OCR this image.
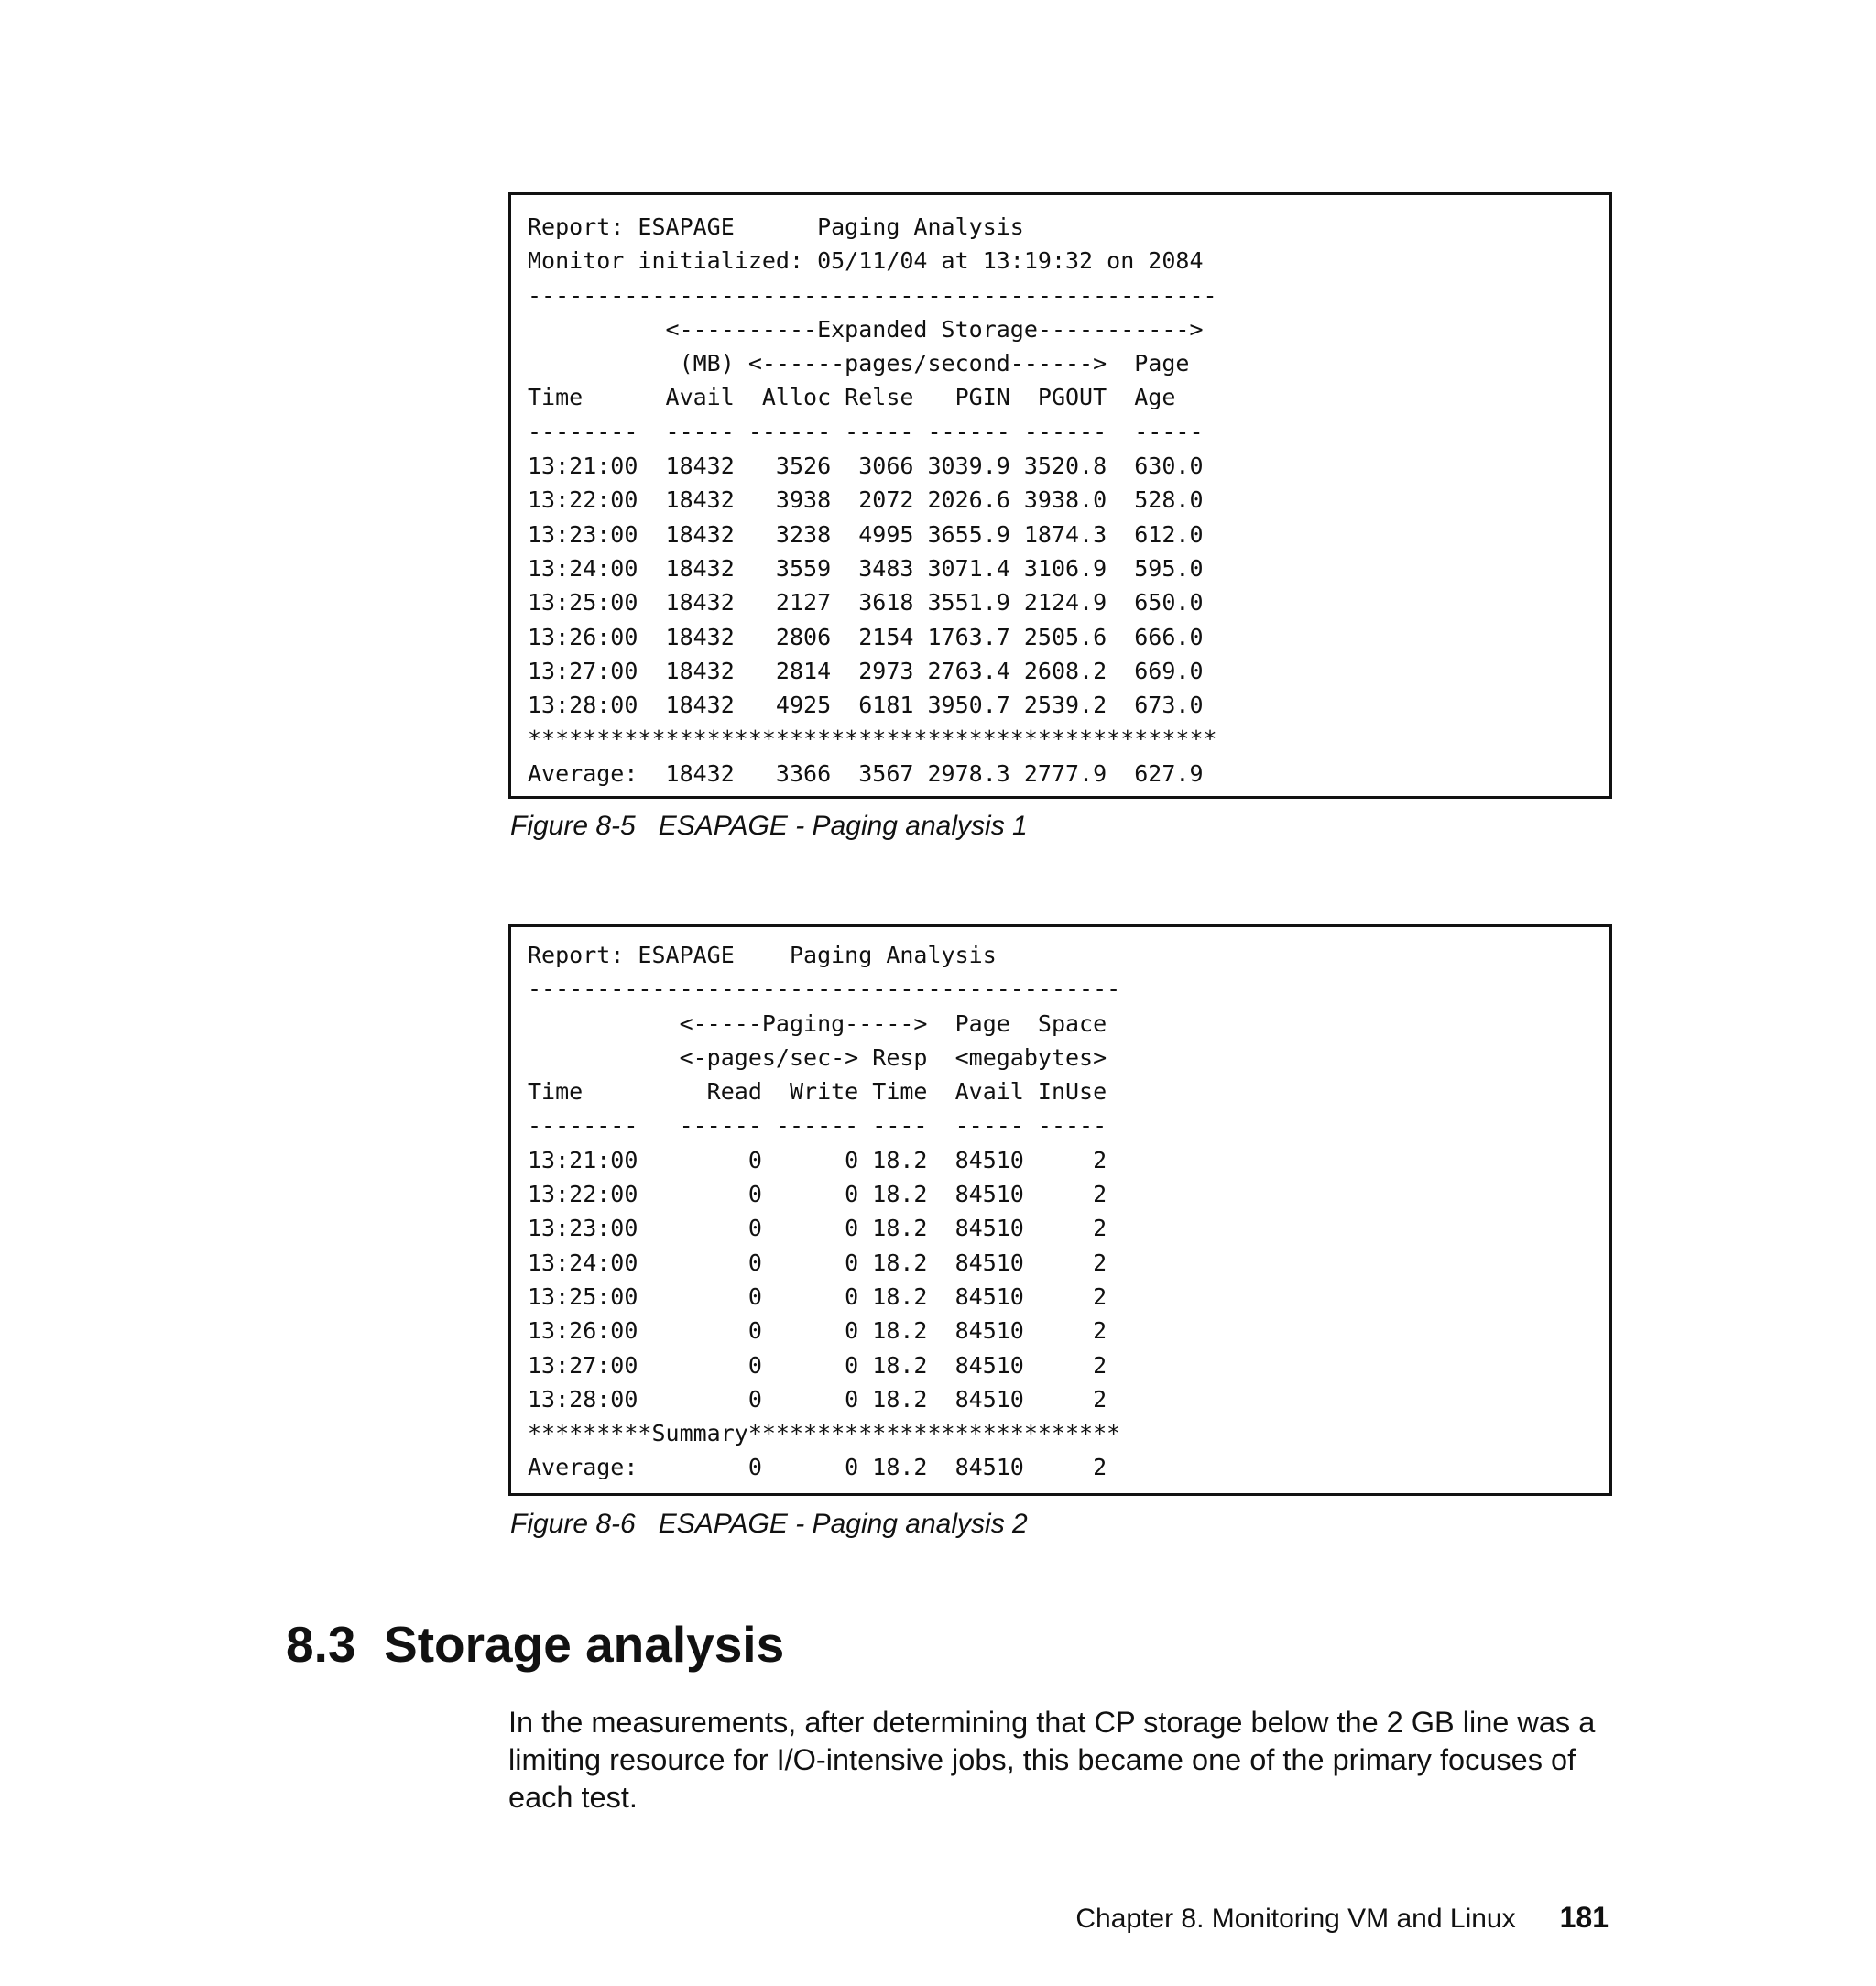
Report: ESAPAGE      Paging Analysis
Monitor initialized: 05/11/04 at 13:19:32 on 2084
--------------------------------------------------
<----------Expanded Storage----------->
(MB) <------pages/second------>  Page
Time      Avail  Alloc Relse   PGIN  PGOUT  Age
--------  ----- ------ ----- ------ ------  -----
13:21:00  18432   3526  3066 3039.9 3520.8  630.0
13:22:00  18432   3938  2072 2026.6 3938.0  528.0
13:23:00  18432   3238  4995 3655.9 1874.3  612.0
13:24:00  18432   3559  3483 3071.4 3106.9  595.0
13:25:00  18432   2127  3618 3551.9 2124.9  650.0
13:26:00  18432   2806  2154 1763.7 2505.6  666.0
13:27:00  18432   2814  2973 2763.4 2608.2  669.0
13:28:00  18432   4925  6181 3950.7 2539.2  673.0
**************************************************
Average:  18432   3366  3567 2978.3 2777.9  627.9
Figure 8-5   ESAPAGE - Paging analysis 1
Report: ESAPAGE    Paging Analysis
-------------------------------------------
<-----Paging----->  Page  Space
<-pages/sec-> Resp  <megabytes>
Time         Read  Write Time  Avail InUse
--------   ------ ------ ----  ----- -----
13:21:00        0      0 18.2  84510     2
13:22:00        0      0 18.2  84510     2
13:23:00        0      0 18.2  84510     2
13:24:00        0      0 18.2  84510     2
13:25:00        0      0 18.2  84510     2
13:26:00        0      0 18.2  84510     2
13:27:00        0      0 18.2  84510     2
13:28:00        0      0 18.2  84510     2
*********Summary***************************
Average:        0      0 18.2  84510     2
Figure 8-6   ESAPAGE - Paging analysis 2
8.3  Storage analysis

In the measurements, after determining that CP storage below the 2 GB line was a limiting resource for I/O-intensive jobs, this became one of the primary focuses of each test.

Chapter 8. Monitoring VM and Linux 181
